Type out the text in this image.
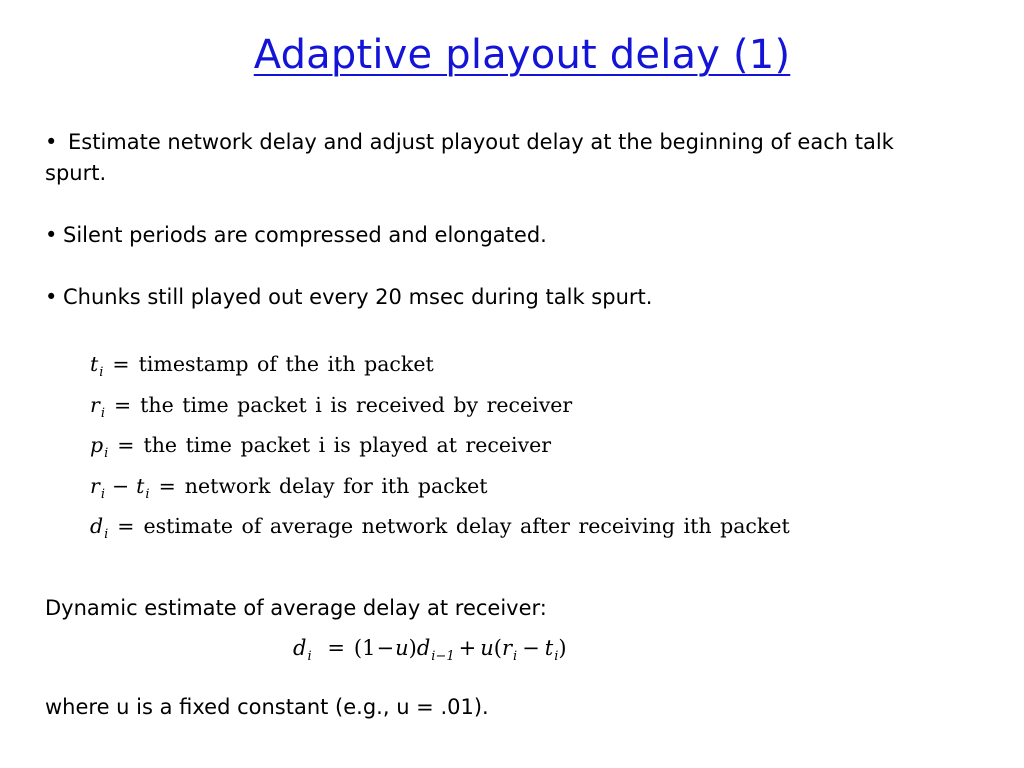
Adaptive playout delay (1)

• Estimate network delay and adjust playout delay at the beginning of each talk spurt.

• Silent periods are compressed and elongated.

• Chunks still played out every 20 msec during talk spurt.

$t_i$ = timestamp of the ith packet
$r_i$ = the time packet i is received by receiver
$p_i$ = the time packet i is played at receiver
$r_i - t_i$ = network delay for ith packet
$d_i$ = estimate of average network delay after receiving ith packet
Dynamic estimate of average delay at receiver:
$d_i = (1-u)d_{i-1} + u(r_i - t_i)$
where u is a fixed constant (e.g., u = .01).
